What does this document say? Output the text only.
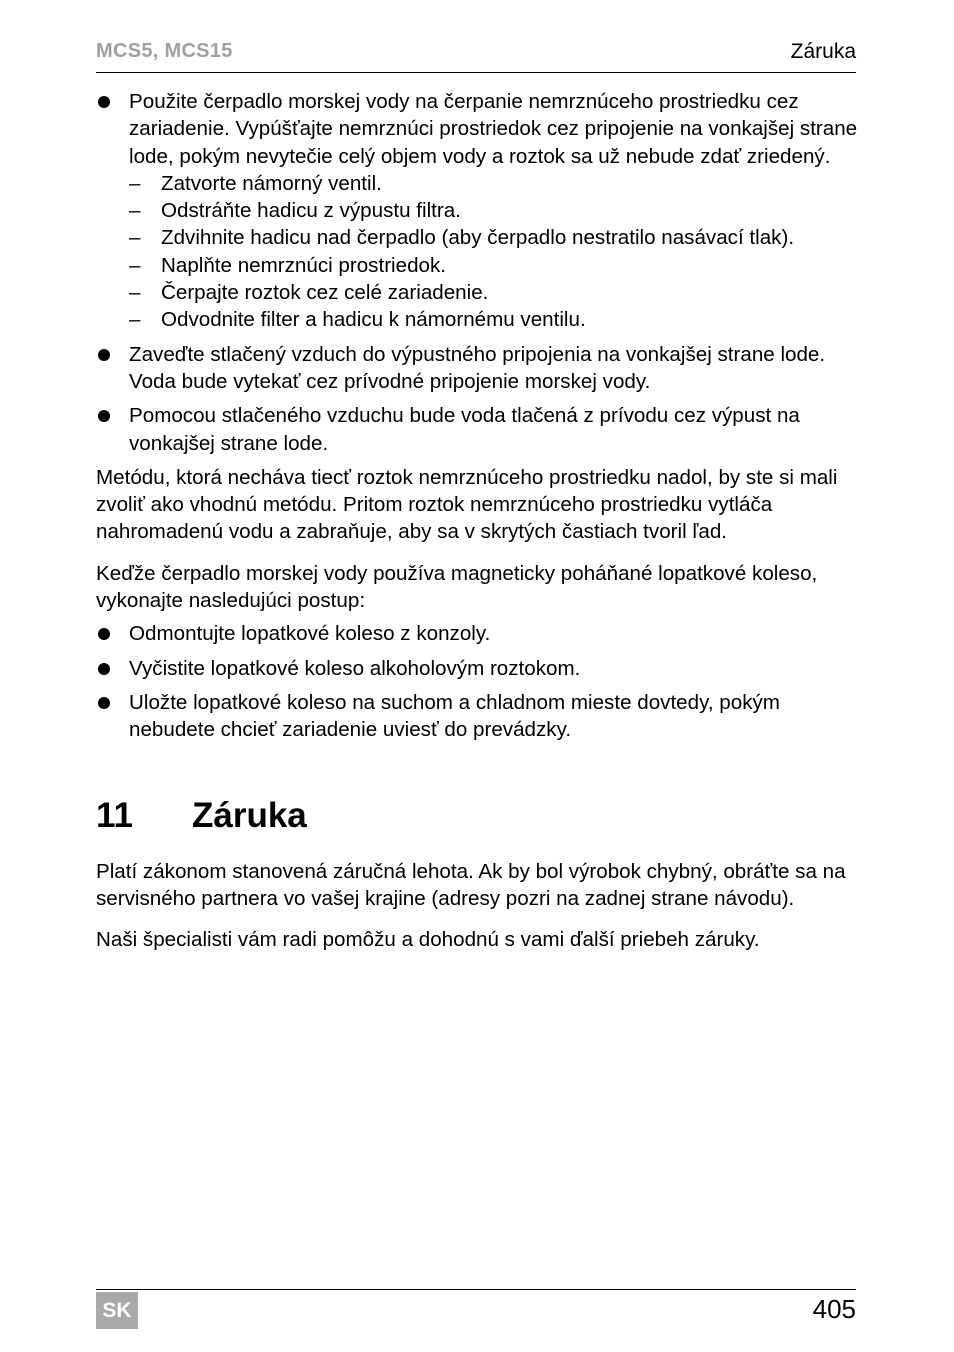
MCS5, MCS15	Záruka
Použite čerpadlo morskej vody na čerpanie nemrznúceho prostriedku cez zariadenie. Vypúšťajte nemrznúci prostriedok cez pripojenie na vonkajšej strane lode, pokým nevytečie celý objem vody a roztok sa už nebude zdať zriedený.
– Zatvorte námorný ventil.
– Odstráňte hadicu z výpustu filtra.
– Zdvihnite hadicu nad čerpadlo (aby čerpadlo nestratilo nasávací tlak).
– Naplňte nemrznúci prostriedok.
– Čerpajte roztok cez celé zariadenie.
– Odvodnite filter a hadicu k námornému ventilu.
Zaveďte stlačený vzduch do výpustného pripojenia na vonkajšej strane lode. Voda bude vytekať cez prívodné pripojenie morskej vody.
Pomocou stlačeného vzduchu bude voda tlačená z prívodu cez výpust na vonkajšej strane lode.

Metódu, ktorá necháva tiecť roztok nemrznúceho prostriedku nadol, by ste si mali zvoliť ako vhodnú metódu. Pritom roztok nemrznúceho prostriedku vytláča nahromadenú vodu a zabraňuje, aby sa v skrytých častiach tvoril ľad.

Keďže čerpadlo morskej vody používa magneticky poháňané lopatkové koleso, vykonajte nasledujúci postup:

Odmontujte lopatkové koleso z konzoly.
Vyčistite lopatkové koleso alkoholovým roztokom.
Uložte lopatkové koleso na suchom a chladnom mieste dovtedy, pokým nebudete chcieť zariadenie uviesť do prevádzky.
11 Záruka

Platí zákonom stanovená záručná lehota. Ak by bol výrobok chybný, obráťte sa na servisného partnera vo vašej krajine (adresy pozri na zadnej strane návodu).

Naši špecialisti vám radi pomôžu a dohodnú s vami ďalší priebeh záruky.

SK	405
